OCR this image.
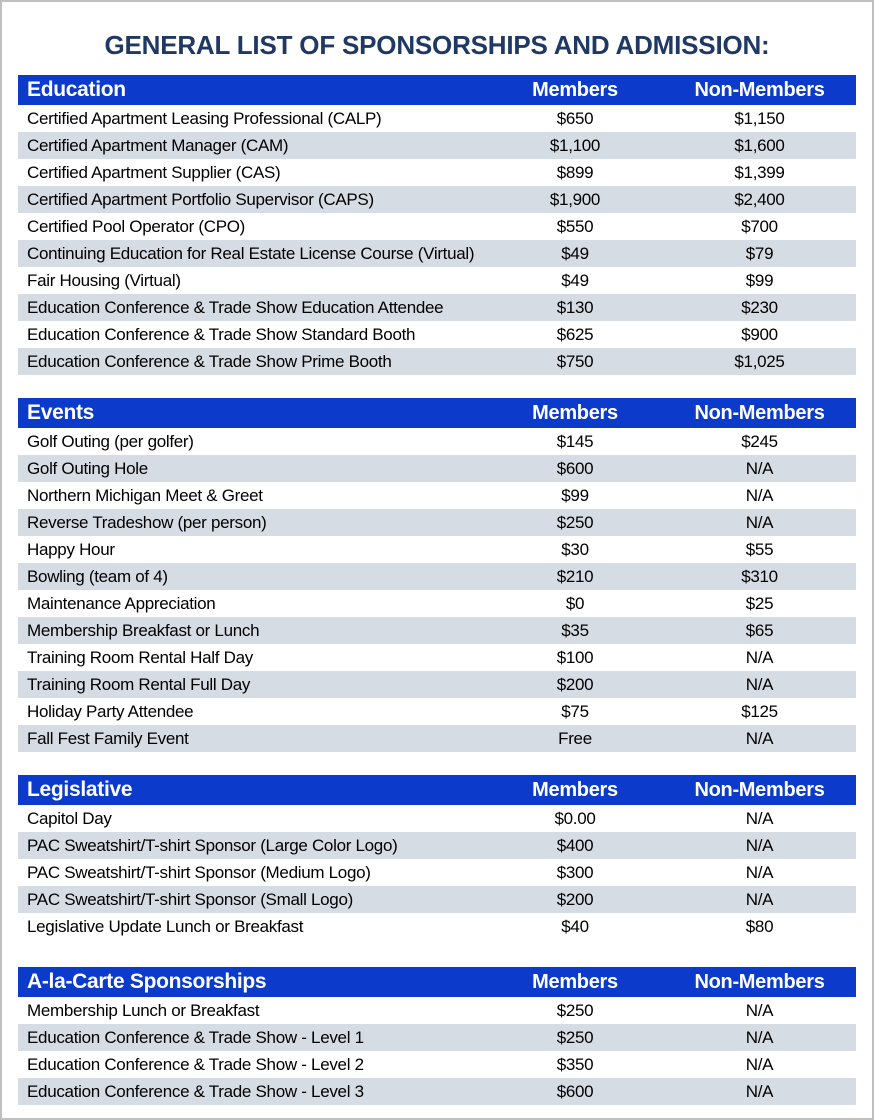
GENERAL LIST OF SPONSORSHIPS AND ADMISSION:
Education	Members	Non-Members
Certified Apartment Leasing Professional (CALP)	$650	$1,150
Certified Apartment Manager (CAM)	$1,100	$1,600
Certified Apartment Supplier (CAS)	$899	$1,399
Certified Apartment Portfolio Supervisor (CAPS)	$1,900	$2,400
Certified Pool Operator (CPO)	$550	$700
Continuing Education for Real Estate License Course (Virtual)	$49	$79
Fair Housing (Virtual)	$49	$99
Education Conference & Trade Show Education Attendee	$130	$230
Education Conference & Trade Show Standard Booth	$625	$900
Education Conference & Trade Show Prime Booth	$750	$1,025
Events	Members	Non-Members
Golf Outing (per golfer)	$145	$245
Golf Outing Hole	$600	N/A
Northern Michigan Meet & Greet	$99	N/A
Reverse Tradeshow (per person)	$250	N/A
Happy Hour	$30	$55
Bowling (team of 4)	$210	$310
Maintenance Appreciation	$0	$25
Membership Breakfast or Lunch	$35	$65
Training Room Rental Half Day	$100	N/A
Training Room Rental Full Day	$200	N/A
Holiday Party Attendee	$75	$125
Fall Fest Family Event	Free	N/A
Legislative	Members	Non-Members
Capitol Day	$0.00	N/A
PAC Sweatshirt/T-shirt Sponsor (Large Color Logo)	$400	N/A
PAC Sweatshirt/T-shirt Sponsor (Medium Logo)	$300	N/A
PAC Sweatshirt/T-shirt Sponsor (Small Logo)	$200	N/A
Legislative Update Lunch or Breakfast	$40	$80
A-la-Carte Sponsorships	Members	Non-Members
Membership Lunch or Breakfast	$250	N/A
Education Conference & Trade Show - Level 1	$250	N/A
Education Conference & Trade Show - Level 2	$350	N/A
Education Conference & Trade Show - Level 3	$600	N/A
